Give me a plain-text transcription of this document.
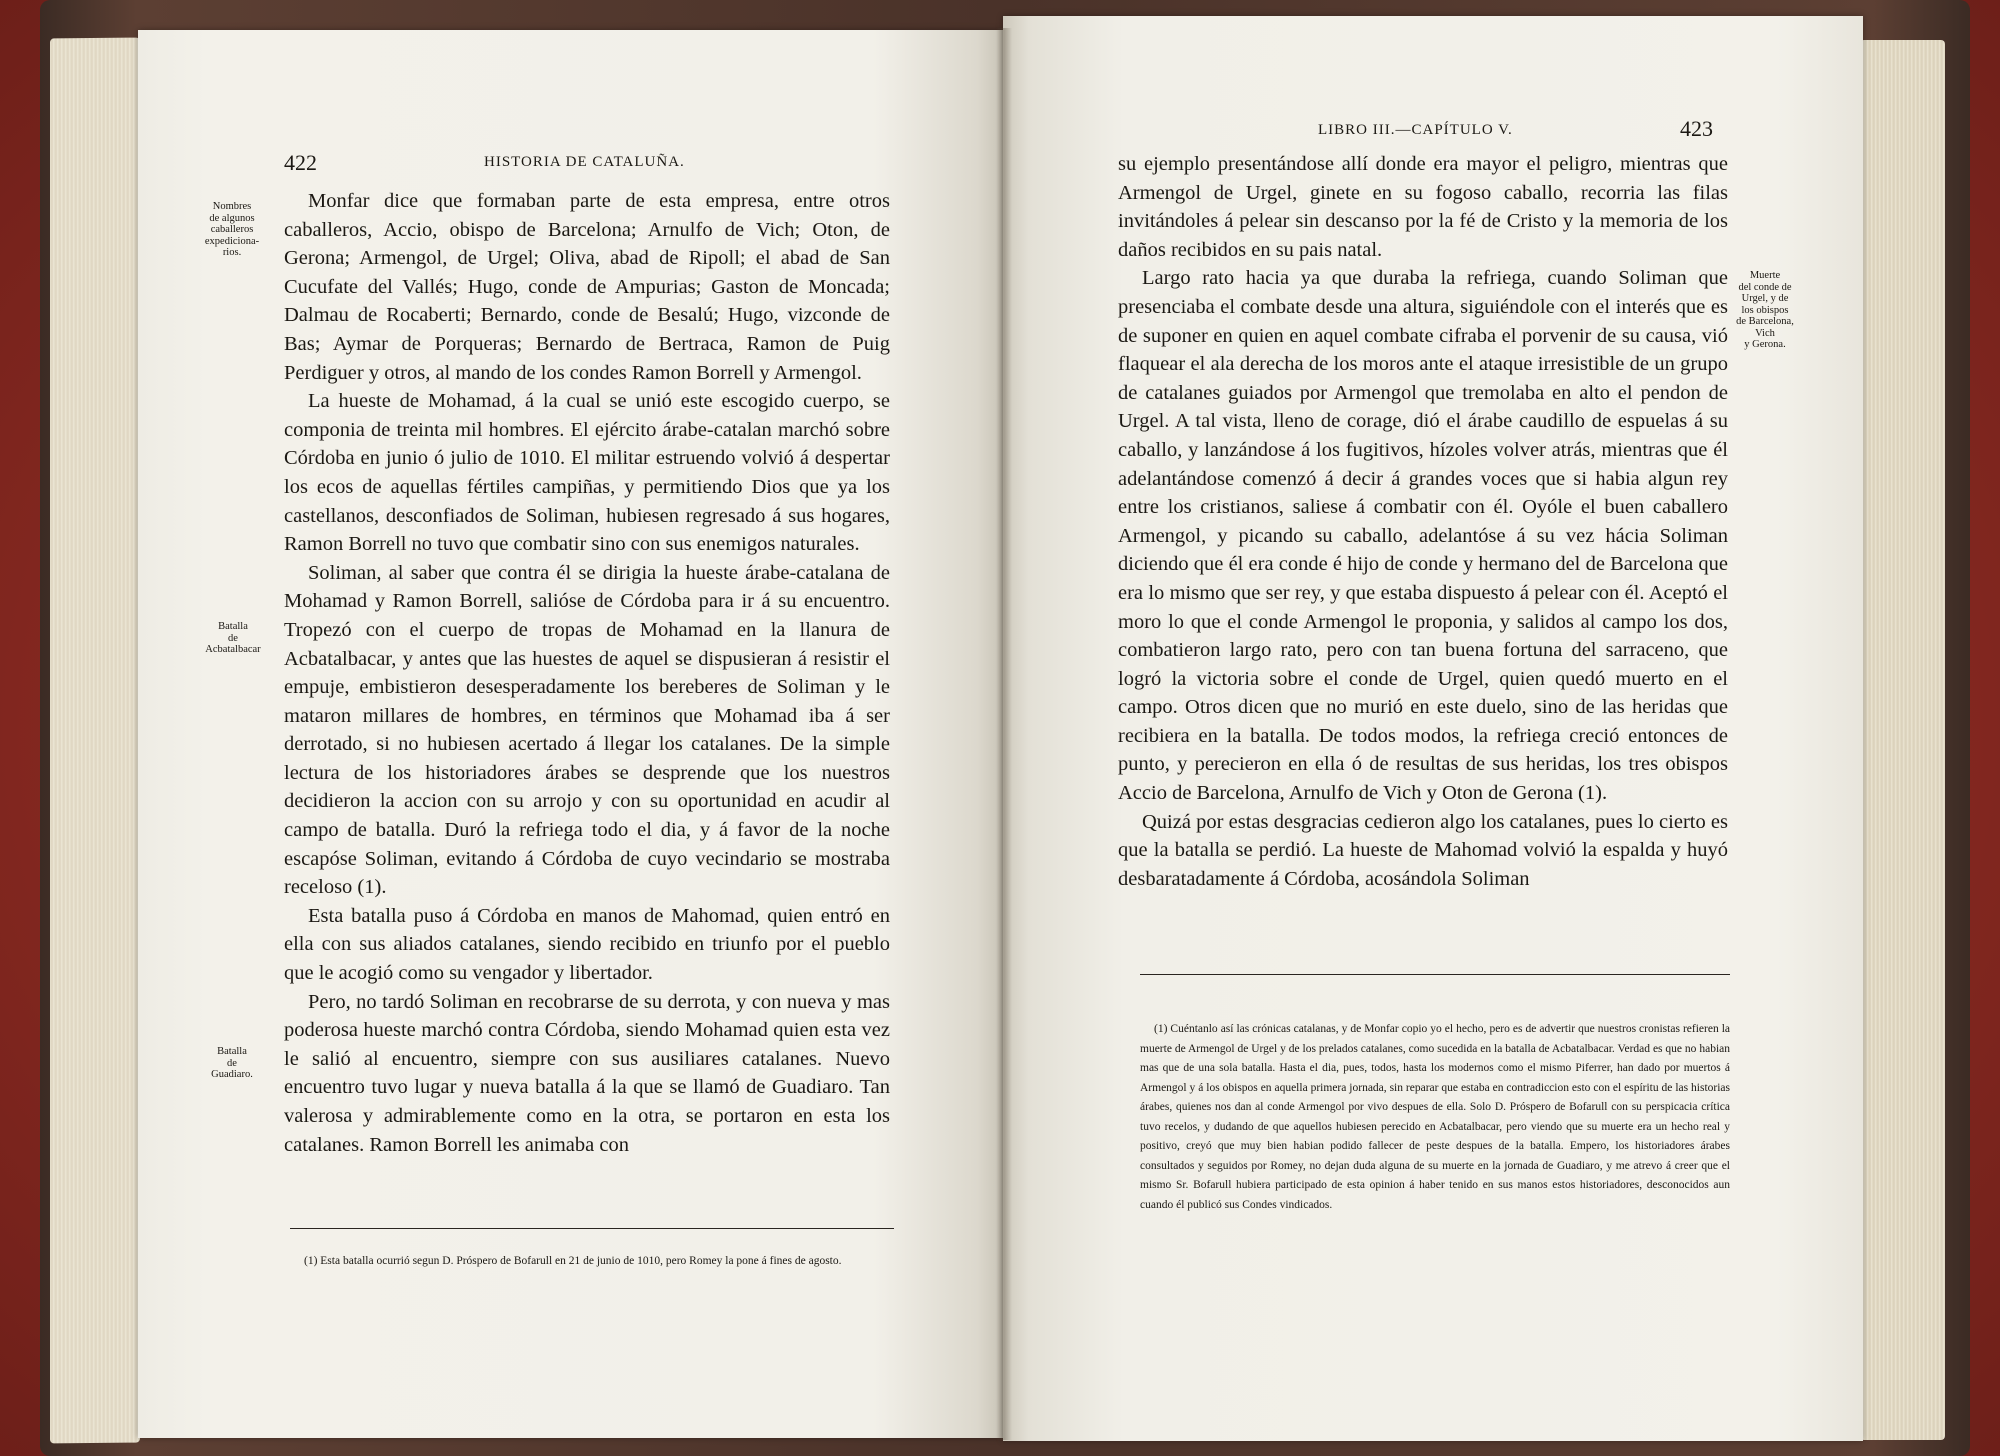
422	HISTORIA DE CATALUÑA.
Nombres
de algunos
caballeros
expediciona-
rios.
Batalla
de
Acbatalbacar
Batalla
de
Guadiaro.

Monfar dice que formaban parte de esta empresa, entre otros caballeros, Accio, obispo de Barcelona; Arnulfo de Vich; Oton, de Gerona; Armengol, de Urgel; Oliva, abad de Ripoll; el abad de San Cucufate del Vallés; Hugo, conde de Ampurias; Gaston de Moncada; Dalmau de Rocaberti; Bernardo, conde de Besalú; Hugo, vizconde de Bas; Aymar de Porqueras; Bernardo de Bertraca, Ramon de Puig Perdiguer y otros, al mando de los condes Ramon Borrell y Armengol.

La hueste de Mohamad, á la cual se unió este escogido cuerpo, se componia de treinta mil hombres. El ejército árabe-catalan marchó sobre Córdoba en junio ó julio de 1010. El militar estruendo volvió á despertar los ecos de aquellas fértiles campiñas, y permitiendo Dios que ya los castellanos, desconfiados de Soliman, hubiesen regresado á sus hogares, Ramon Borrell no tuvo que combatir sino con sus enemigos naturales.

Soliman, al saber que contra él se dirigia la hueste árabe-catalana de Mohamad y Ramon Borrell, saliósе de Córdoba para ir á su encuentro. Tropezó con el cuerpo de tropas de Mohamad en la llanura de Acbatalbacar, y antes que las huestes de aquel se dispusieran á resistir el empuje, embistieron desesperadamente los bereberes de Soliman y le mataron millares de hombres, en términos que Mohamad iba á ser derrotado, si no hubiesen acertado á llegar los catalanes. De la simple lectura de los historiadores árabes se desprende que los nuestros decidieron la accion con su arrojo y con su oportunidad en acudir al campo de batalla. Duró la refriega todo el dia, y á favor de la noche escapóse Soliman, evitando á Córdoba de cuyo vecindario se mostraba receloso (1).

Esta batalla puso á Córdoba en manos de Mahomad, quien entró en ella con sus aliados catalanes, siendo recibido en triunfo por el pueblo que le acogió como su vengador y libertador.

Pero, no tardó Soliman en recobrarse de su derrota, y con nueva y mas poderosa hueste marchó contra Córdoba, siendo Mohamad quien esta vez le salió al encuentro, siempre con sus ausiliares catalanes. Nuevo encuentro tuvo lugar y nueva batalla á la que se llamó de Guadiaro. Tan valerosa y admirablemente como en la otra, se portaron en esta los catalanes. Ramon Borrell les animaba con

(1) Esta batalla ocurrió segun D. Próspero de Bofarull en 21 de junio de 1010, pero Romey la pone á fines de agosto.

LIBRO III.—CAPÍTULO V.	423
Muerte
del conde de
Urgel, y de
los obispos
de Barcelona,
Vich
y Gerona.

su ejemplo presentándose allí donde era mayor el peligro, mientras que Armengol de Urgel, ginete en su fogoso caballo, recorria las filas invitándoles á pelear sin descanso por la fé de Cristo y la memoria de los daños recibidos en su pais natal.

Largo rato hacia ya que duraba la refriega, cuando Soliman que presenciaba el combate desde una altura, siguiéndole con el interés que es de suponer en quien en aquel combate cifraba el porvenir de su causa, vió flaquear el ala derecha de los moros ante el ataque irresistible de un grupo de catalanes guiados por Armengol que tremolaba en alto el pendon de Urgel. A tal vista, lleno de corage, dió el árabe caudillo de espuelas á su caballo, y lanzándose á los fugitivos, hízoles volver atrás, mientras que él adelantándose comenzó á decir á grandes voces que si habia algun rey entre los cristianos, saliese á combatir con él. Oyóle el buen caballero Armengol, y picando su caballo, adelantóse á su vez hácia Soliman diciendo que él era conde é hijo de conde y hermano del de Barcelona que era lo mismo que ser rey, y que estaba dispuesto á pelear con él. Aceptó el moro lo que el conde Armengol le proponia, y salidos al campo los dos, combatieron largo rato, pero con tan buena fortuna del sarraceno, que logró la victoria sobre el conde de Urgel, quien quedó muerto en el campo. Otros dicen que no murió en este duelo, sino de las heridas que recibiera en la batalla. De todos modos, la refriega creció entonces de punto, y perecieron en ella ó de resultas de sus heridas, los tres obispos Accio de Barcelona, Arnulfo de Vich y Oton de Gerona (1).

Quizá por estas desgracias cedieron algo los catalanes, pues lo cierto es que la batalla se perdió. La hueste de Mahomad volvió la espalda y huyó desbaratadamente á Córdoba, acosándola Soliman

(1) Cuéntanlo así las crónicas catalanas, y de Monfar copio yo el hecho, pero es de advertir que nuestros cronistas refieren la muerte de Armengol de Urgel y de los prelados catalanes, como sucedida en la batalla de Acbatalbacar. Verdad es que no habian mas que de una sola batalla. Hasta el dia, pues, todos, hasta los modernos como el mismo Piferrer, han dado por muertos á Armengol y á los obispos en aquella primera jornada, sin reparar que estaba en contradiccion esto con el espíritu de las historias árabes, quienes nos dan al conde Armengol por vivo despues de ella. Solo D. Próspero de Bofarull con su perspicacia crítica tuvo recelos, y dudando de que aquellos hubiesen perecido en Acbatalbacar, pero viendo que su muerte era un hecho real y positivo, creyó que muy bien habian podido fallecer de peste despues de la batalla. Empero, los historiadores árabes consultados y seguidos por Romey, no dejan duda alguna de su muerte en la jornada de Guadiaro, y me atrevo á creer que el mismo Sr. Bofarull hubiera participado de esta opinion á haber tenido en sus manos estos historiadores, desconocidos aun cuando él publicó sus Condes vindicados.
